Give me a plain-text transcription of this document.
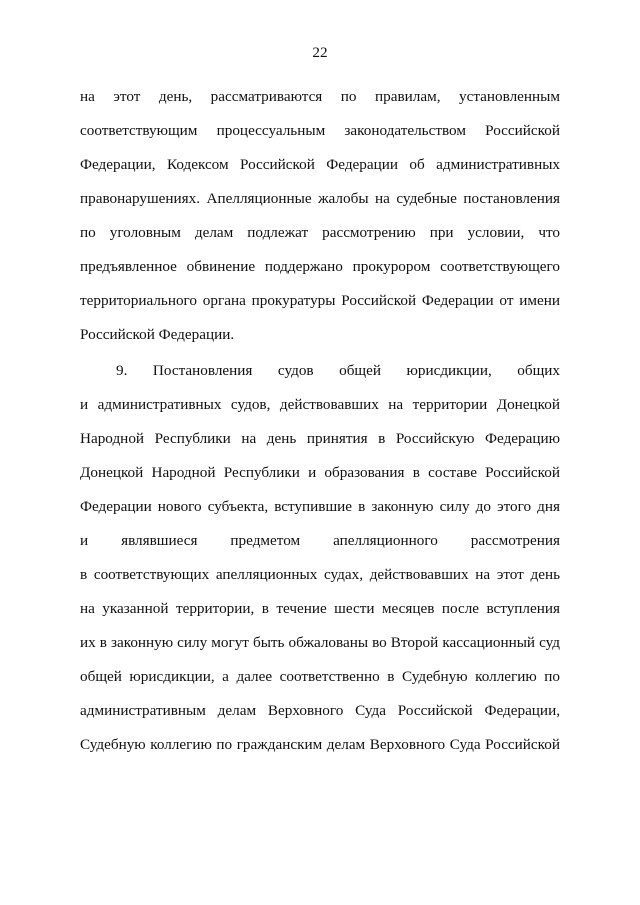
22
на этот день, рассматриваются по правилам, установленным
соответствующим процессуальным законодательством Российской
Федерации, Кодексом Российской Федерации об административных
правонарушениях. Апелляционные жалобы на судебные постановления
по уголовным делам подлежат рассмотрению при условии, что
предъявленное обвинение поддержано прокурором соответствующего
территориального органа прокуратуры Российской Федерации от имени
Российской Федерации.
9. Постановления судов общей юрисдикции, общих
и административных судов, действовавших на территории Донецкой
Народной Республики на день принятия в Российскую Федерацию
Донецкой Народной Республики и образования в составе Российской
Федерации нового субъекта, вступившие в законную силу до этого дня
и являвшиеся предметом апелляционного рассмотрения
в соответствующих апелляционных судах, действовавших на этот день
на указанной территории, в течение шести месяцев после вступления
их в законную силу могут быть обжалованы во Второй кассационный суд
общей юрисдикции, а далее соответственно в Судебную коллегию по
административным делам Верховного Суда Российской Федерации,
Судебную коллегию по гражданским делам Верховного Суда Российской
